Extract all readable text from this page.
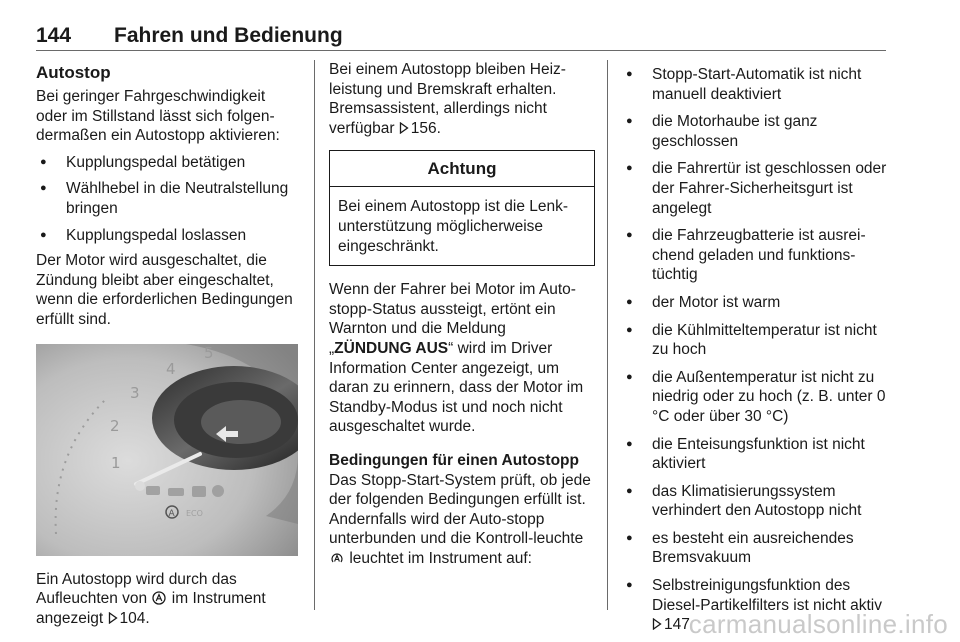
144 Fahren und Bedienung

Autostop

Bei geringer Fahrgeschwindigkeit oder im Stillstand lässt sich folgen-dermaßen ein Autostopp aktivieren:

● Kupplungspedal betätigen
● Wählhebel in die Neutralstellung bringen
● Kupplungspedal loslassen

Der Motor wird ausgeschaltet, die Zündung bleibt aber eingeschaltet, wenn die erforderlichen Bedingungen erfüllt sind.

1
2
3
4
5
A ECO

Ein Autostopp wird durch das Aufleuchten von im Instrument angezeigt 104.

Bei einem Autostopp bleiben Heiz-leistung und Bremskraft erhalten. Bremsassistent, allerdings nicht verfügbar 156.

Achtung
Bei einem Autostopp ist die Lenk-unterstützung möglicherweise eingeschränkt.

Wenn der Fahrer bei Motor im Auto-stopp-Status aussteigt, ertönt ein Warnton und die Meldung
„ZÜNDUNG AUS“ wird im Driver Information Center angezeigt, um daran zu erinnern, dass der Motor im Standby-Modus ist und noch nicht ausgeschaltet wurde.

Bedingungen für einen Autostopp

Das Stopp-Start-System prüft, ob jede der folgenden Bedingungen erfüllt ist. Andernfalls wird der Auto-stopp unterbunden und die Kontroll-leuchte  leuchtet im Instrument auf:

● Stopp-Start-Automatik ist nicht manuell deaktiviert
● die Motorhaube ist ganz geschlossen
● die Fahrertür ist geschlossen oder der Fahrer-Sicherheitsgurt ist angelegt
● die Fahrzeugbatterie ist ausrei-chend geladen und funktions-tüchtig
● der Motor ist warm
● die Kühlmitteltemperatur ist nicht zu hoch
● die Außentemperatur ist nicht zu niedrig oder zu hoch (z. B. unter 0 °C oder über 30 °C)
● die Enteisungsfunktion ist nicht aktiviert
● das Klimatisierungssystem verhindert den Autostopp nicht
● es besteht ein ausreichendes Bremsvakuum
● Selbstreinigungsfunktion des Diesel-Partikelfilters ist nicht aktiv 147
carmanualsonline.info
